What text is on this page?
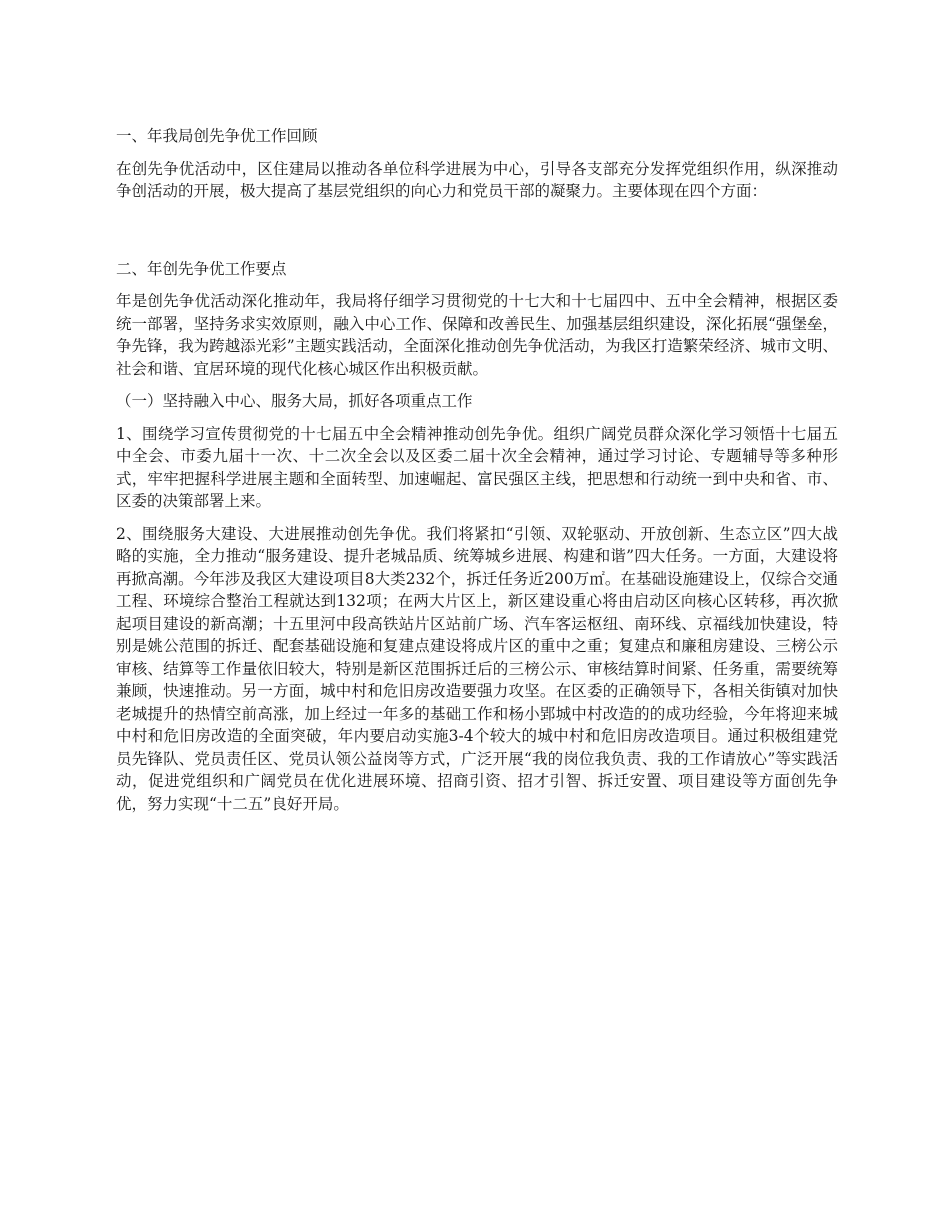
一、年我局创先争优工作回顾

在创先争优活动中，区住建局以推动各单位科学进展为中心，引导各支部充分发挥党组织作用，纵深推动争创活动的开展，极大提高了基层党组织的向心力和党员干部的凝聚力。主要体现在四个方面：

二、年创先争优工作要点

年是创先争优活动深化推动年，我局将仔细学习贯彻党的十七大和十七届四中、五中全会精神，根据区委统一部署，坚持务求实效原则，融入中心工作、保障和改善民生、加强基层组织建设，深化拓展“强堡垒，争先锋，我为跨越添光彩”主题实践活动，全面深化推动创先争优活动，为我区打造繁荣经济、城市文明、社会和谐、宜居环境的现代化核心城区作出积极贡献。

（一）坚持融入中心、服务大局，抓好各项重点工作

1、围绕学习宣传贯彻党的十七届五中全会精神推动创先争优。组织广阔党员群众深化学习领悟十七届五中全会、市委九届十一次、十二次全会以及区委二届十次全会精神，通过学习讨论、专题辅导等多种形式，牢牢把握科学进展主题和全面转型、加速崛起、富民强区主线，把思想和行动统一到中央和省、市、区委的决策部署上来。

2、围绕服务大建设、大进展推动创先争优。我们将紧扣“引领、双轮驱动、开放创新、生态立区”四大战略的实施，全力推动“服务建设、提升老城品质、统筹城乡进展、构建和谐”四大任务。一方面，大建设将再掀高潮。今年涉及我区大建设项目8大类232个，拆迁任务近200万㎡。在基础设施建设上，仅综合交通工程、环境综合整治工程就达到132项；在两大片区上，新区建设重心将由启动区向核心区转移，再次掀起项目建设的新高潮；十五里河中段高铁站片区站前广场、汽车客运枢纽、南环线、京福线加快建设，特别是姚公范围的拆迁、配套基础设施和复建点建设将成片区的重中之重；复建点和廉租房建设、三榜公示审核、结算等工作量依旧较大，特别是新区范围拆迁后的三榜公示、审核结算时间紧、任务重，需要统筹兼顾，快速推动。另一方面，城中村和危旧房改造要强力攻坚。在区委的正确领导下，各相关街镇对加快老城提升的热情空前高涨，加上经过一年多的基础工作和杨小郢城中村改造的的成功经验，今年将迎来城中村和危旧房改造的全面突破，年内要启动实施3-4个较大的城中村和危旧房改造项目。通过积极组建党员先锋队、党员责任区、党员认领公益岗等方式，广泛开展“我的岗位我负责、我的工作请放心”等实践活动，促进党组织和广阔党员在优化进展环境、招商引资、招才引智、拆迁安置、项目建设等方面创先争优，努力实现“十二五”良好开局。
